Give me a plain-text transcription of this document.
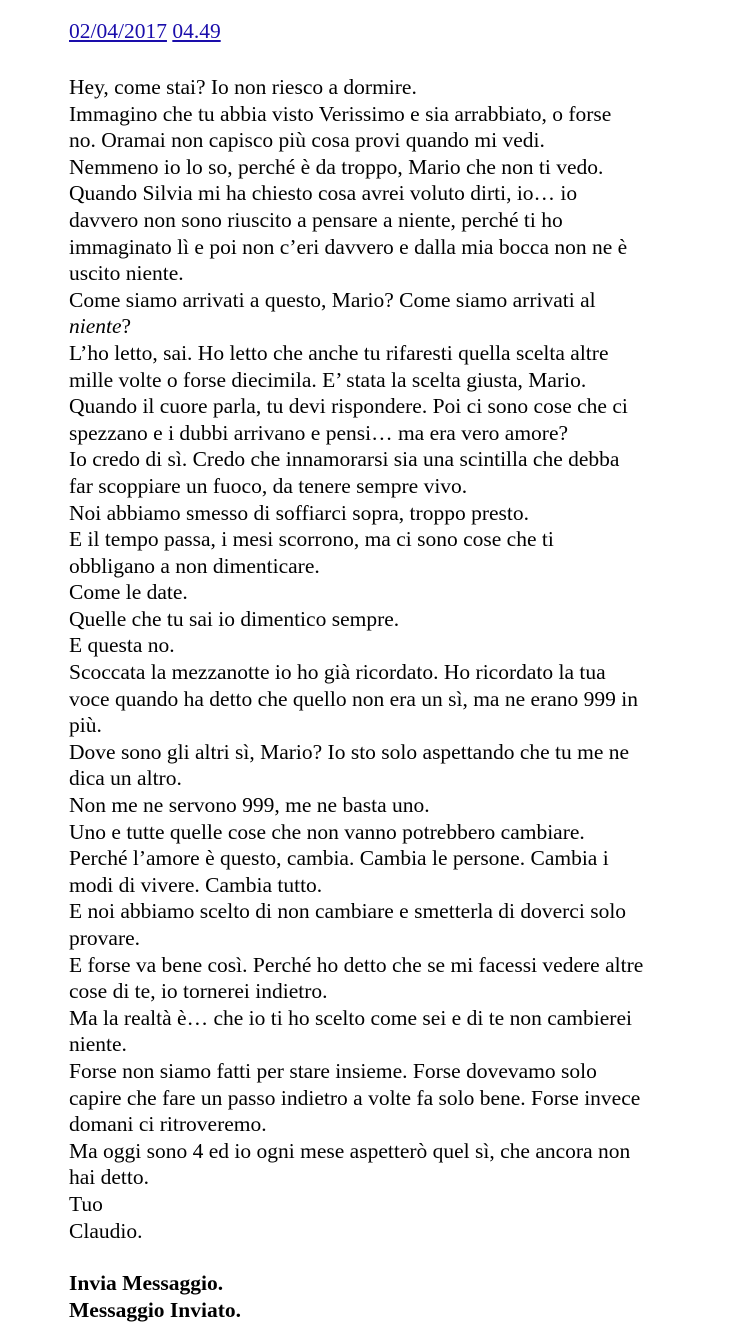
02/04/2017 04.49
Hey, come stai? Io non riesco a dormire.
Immagino che tu abbia visto Verissimo e sia arrabbiato, o forse
no. Oramai non capisco più cosa provi quando mi vedi.
Nemmeno io lo so, perché è da troppo, Mario che non ti vedo.
Quando Silvia mi ha chiesto cosa avrei voluto dirti, io… io
davvero non sono riuscito a pensare a niente, perché ti ho
immaginato lì e poi non c’eri davvero e dalla mia bocca non ne è
uscito niente.
Come siamo arrivati a questo, Mario? Come siamo arrivati al
niente?
L’ho letto, sai. Ho letto che anche tu rifaresti quella scelta altre
mille volte o forse diecimila. E’ stata la scelta giusta, Mario.
Quando il cuore parla, tu devi rispondere. Poi ci sono cose che ci
spezzano e i dubbi arrivano e pensi… ma era vero amore?
Io credo di sì. Credo che innamorarsi sia una scintilla che debba
far scoppiare un fuoco, da tenere sempre vivo.
Noi abbiamo smesso di soffiarci sopra, troppo presto.
E il tempo passa, i mesi scorrono, ma ci sono cose che ti
obbligano a non dimenticare.
Come le date.
Quelle che tu sai io dimentico sempre.
E questa no.
Scoccata la mezzanotte io ho già ricordato. Ho ricordato la tua
voce quando ha detto che quello non era un sì, ma ne erano 999 in
più.
Dove sono gli altri sì, Mario? Io sto solo aspettando che tu me ne
dica un altro.
Non me ne servono 999, me ne basta uno.
Uno e tutte quelle cose che non vanno potrebbero cambiare.
Perché l’amore è questo, cambia. Cambia le persone. Cambia i
modi di vivere. Cambia tutto.
E noi abbiamo scelto di non cambiare e smetterla di doverci solo
provare.
E forse va bene così. Perché ho detto che se mi facessi vedere altre
cose di te, io tornerei indietro.
Ma la realtà è… che io ti ho scelto come sei e di te non cambierei
niente.
Forse non siamo fatti per stare insieme. Forse dovevamo solo
capire che fare un passo indietro a volte fa solo bene. Forse invece
domani ci ritroveremo.
Ma oggi sono 4 ed io ogni mese aspetterò quel sì, che ancora non
hai detto.
Tuo
Claudio.
Invia Messaggio.
Messaggio Inviato.
